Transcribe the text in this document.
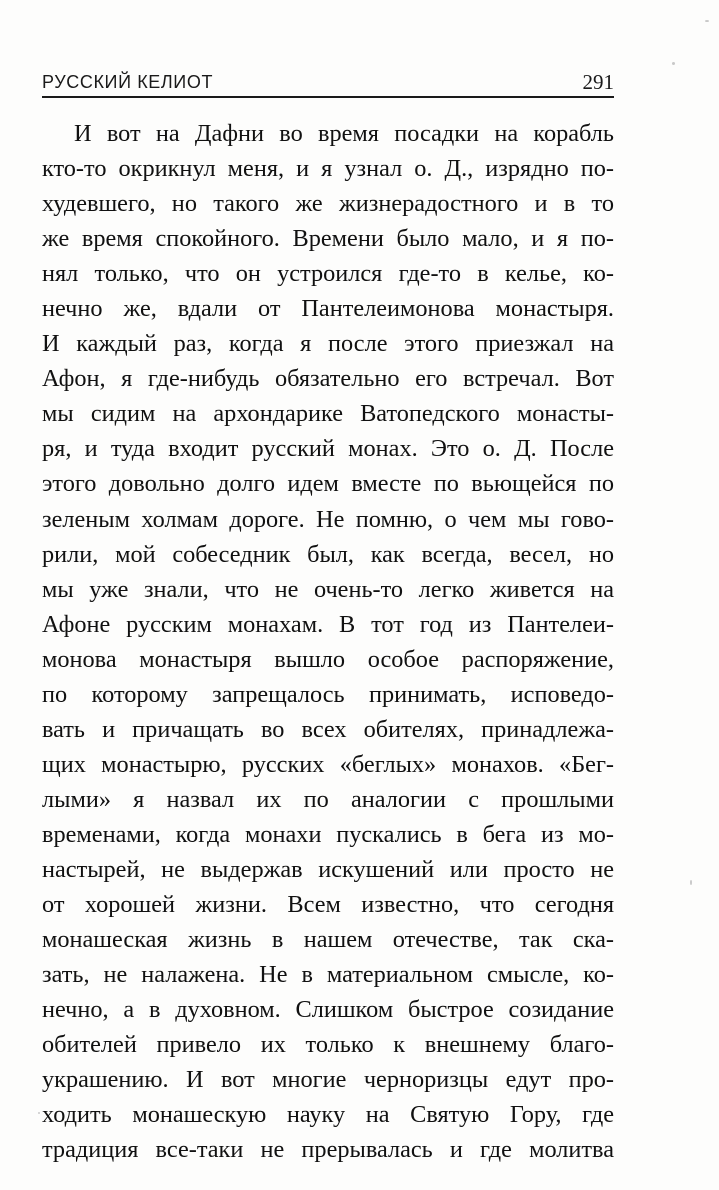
РУССКИЙ КЕЛИОТ	291
И вот на Дафни во время посадки на корабль
кто-то окрикнул меня, и я узнал о. Д., изрядно по-
худевшего, но такого же жизнерадостного и в то
же время спокойного. Времени было мало, и я по-
нял только, что он устроился где-то в келье, ко-
нечно же, вдали от Пантелеимонова монастыря.
И каждый раз, когда я после этого приезжал на
Афон, я где-нибудь обязательно его встречал. Вот
мы сидим на архондарике Ватопедского монасты-
ря, и туда входит русский монах. Это о. Д. После
этого довольно долго идем вместе по вьющейся по
зеленым холмам дороге. Не помню, о чем мы гово-
рили, мой собеседник был, как всегда, весел, но
мы уже знали, что не очень-то легко живется на
Афоне русским монахам. В тот год из Пантелеи-
монова монастыря вышло особое распоряжение,
по которому запрещалось принимать, исповедо-
вать и причащать во всех обителях, принадлежа-
щих монастырю, русских «беглых» монахов. «Бег-
лыми» я назвал их по аналогии с прошлыми
временами, когда монахи пускались в бега из мо-
настырей, не выдержав искушений или просто не
от хорошей жизни. Всем известно, что сегодня
монашеская жизнь в нашем отечестве, так ска-
зать, не налажена. Не в материальном смысле, ко-
нечно, а в духовном. Слишком быстрое созидание
обителей привело их только к внешнему благо-
украшению. И вот многие черноризцы едут про-
ходить монашескую науку на Святую Гору, где
традиция все-таки не прерывалась и где молитва
